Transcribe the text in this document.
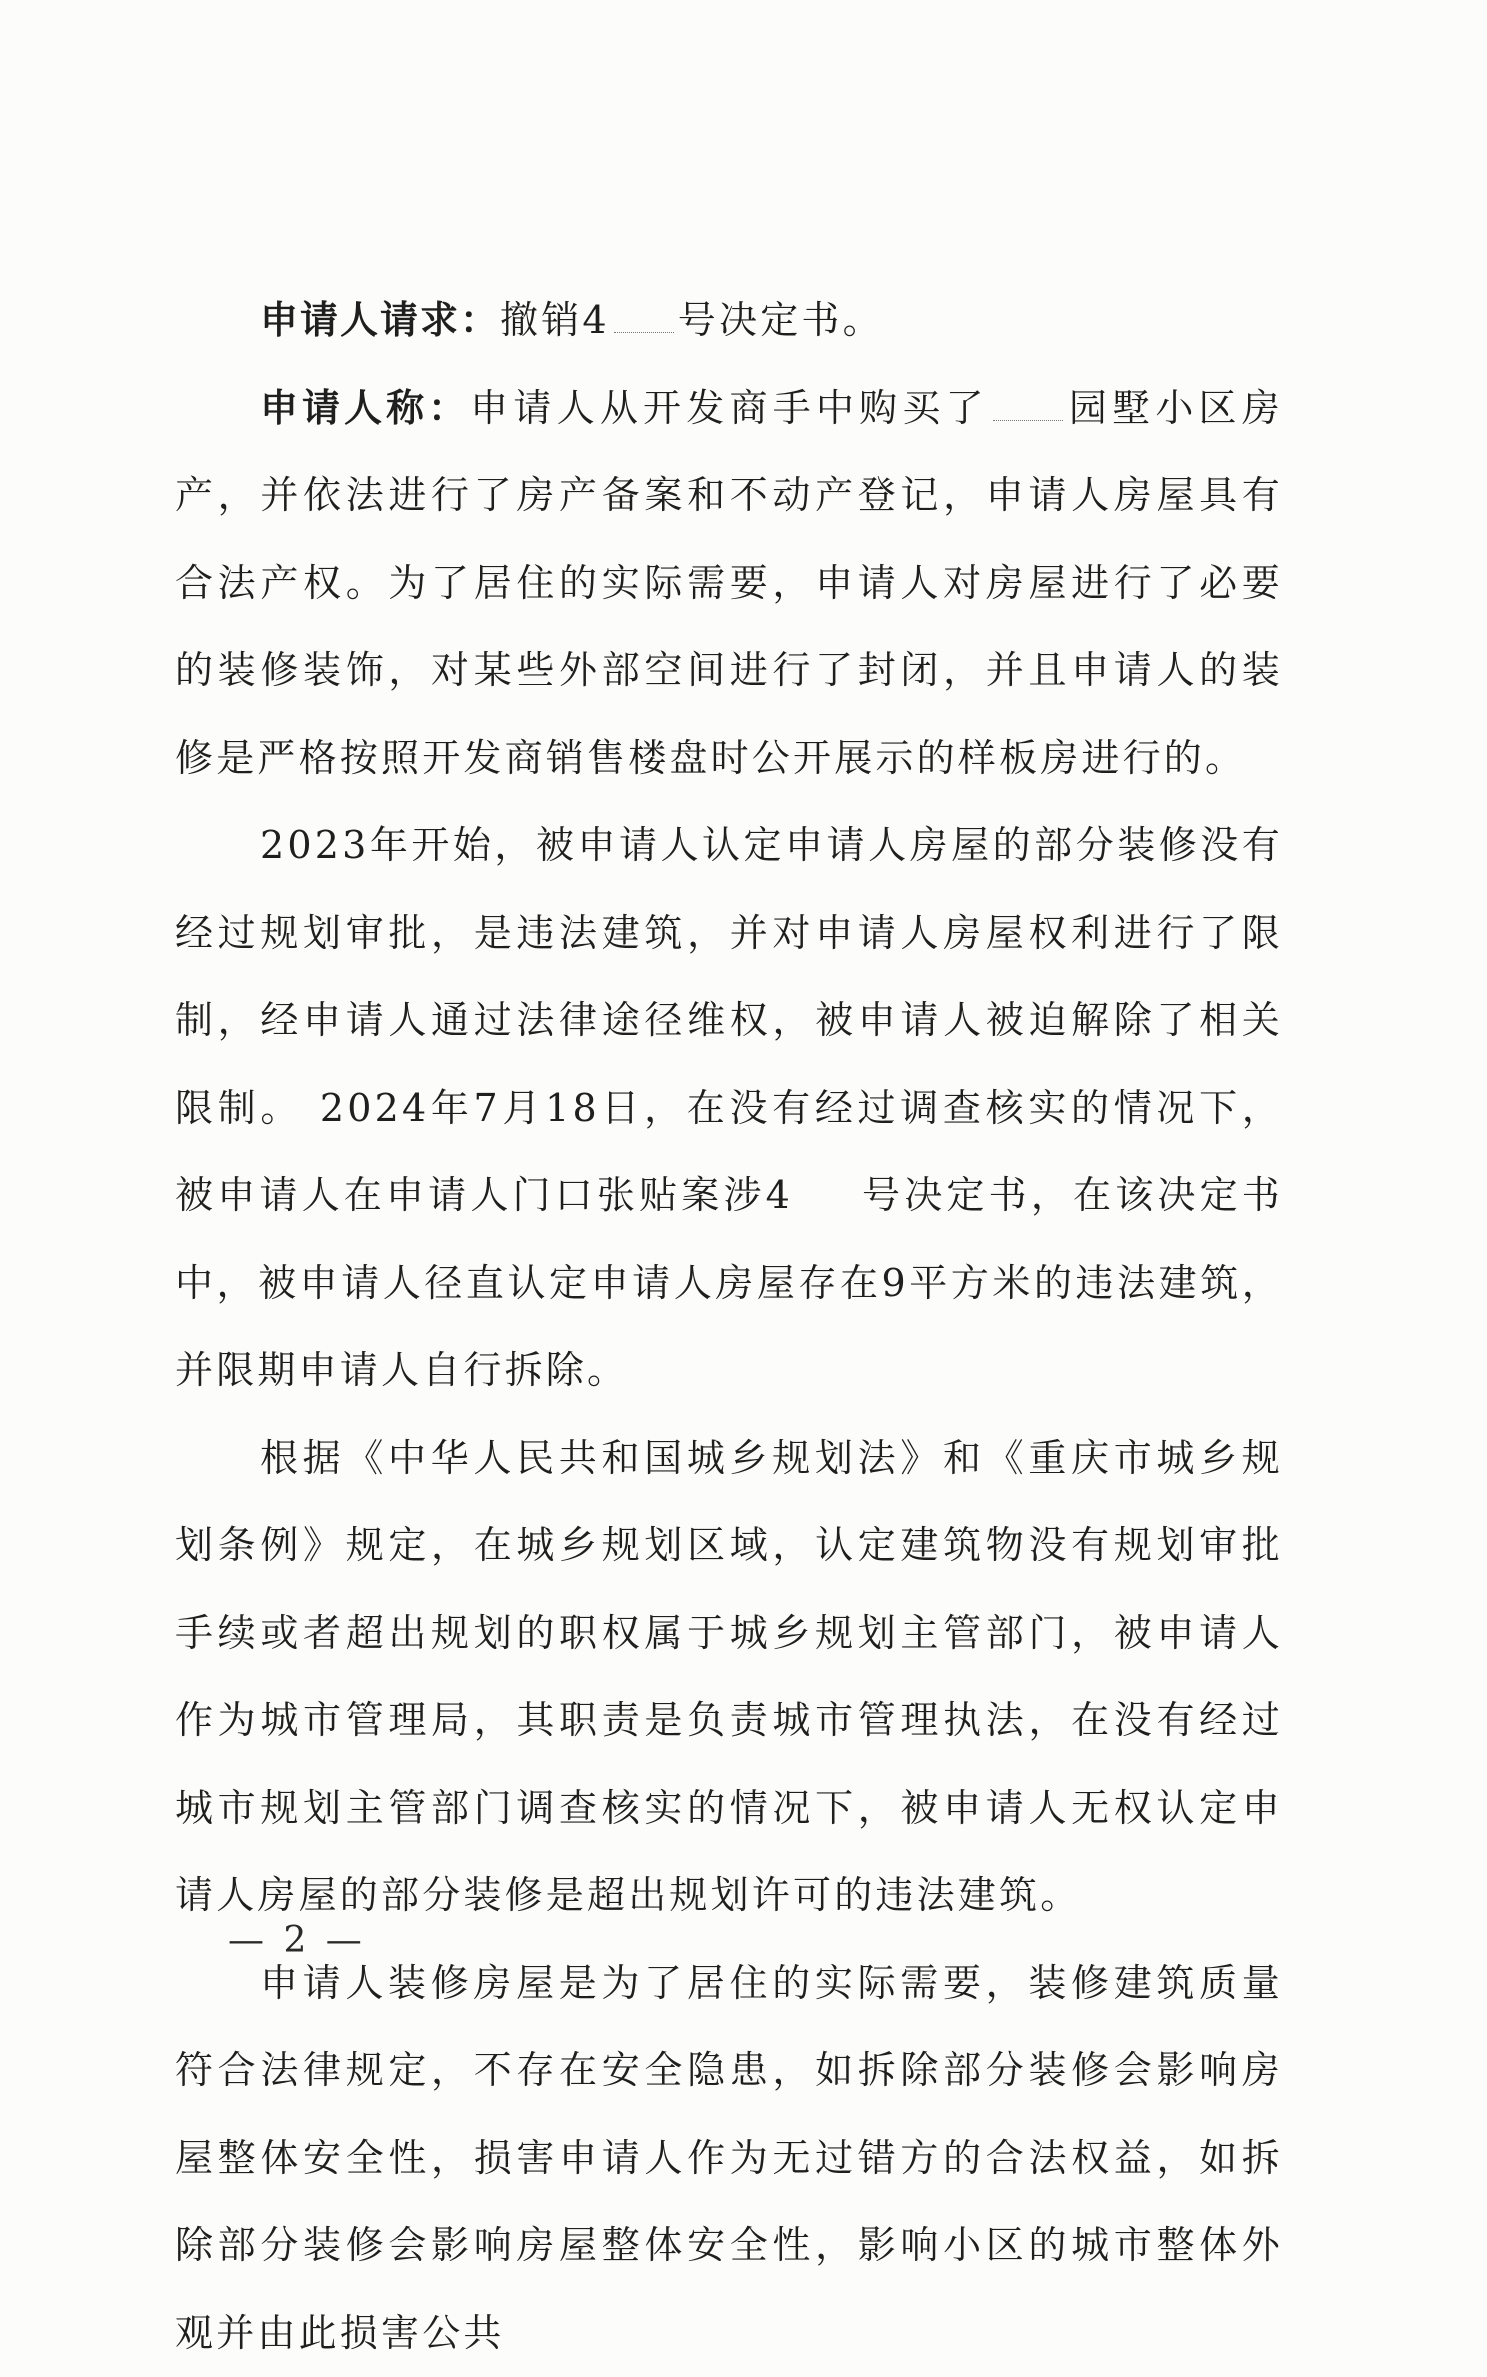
申请人请求：撤销4 号决定书。

申请人称：申请人从开发商手中购买了 园墅小区房产，并依法进行了房产备案和不动产登记，申请人房屋具有合法产权。为了居住的实际需要，申请人对房屋进行了必要的装修装饰，对某些外部空间进行了封闭，并且申请人的装修是严格按照开发商销售楼盘时公开展示的样板房进行的。

2023年开始，被申请人认定申请人房屋的部分装修没有经过规划审批，是违法建筑，并对申请人房屋权利进行了限制，经申请人通过法律途径维权，被申请人被迫解除了相关限制。 2024年7月18日，在没有经过调查核实的情况下，被申请人在申请人门口张贴案涉4 号决定书，在该决定书中，被申请人径直认定申请人房屋存在9平方米的违法建筑，并限期申请人自行拆除。

根据《中华人民共和国城乡规划法》和《重庆市城乡规划条例》规定，在城乡规划区域，认定建筑物没有规划审批手续或者超出规划的职权属于城乡规划主管部门，被申请人作为城市管理局，其职责是负责城市管理执法，在没有经过城市规划主管部门调查核实的情况下，被申请人无权认定申请人房屋的部分装修是超出规划许可的违法建筑。

申请人装修房屋是为了居住的实际需要，装修建筑质量符合法律规定，不存在安全隐患，如拆除部分装修会影响房屋整体安全性，损害申请人作为无过错方的合法权益，如拆除部分装修会影响房屋整体安全性，影响小区的城市整体外观并由此损害公共

— 2 —
